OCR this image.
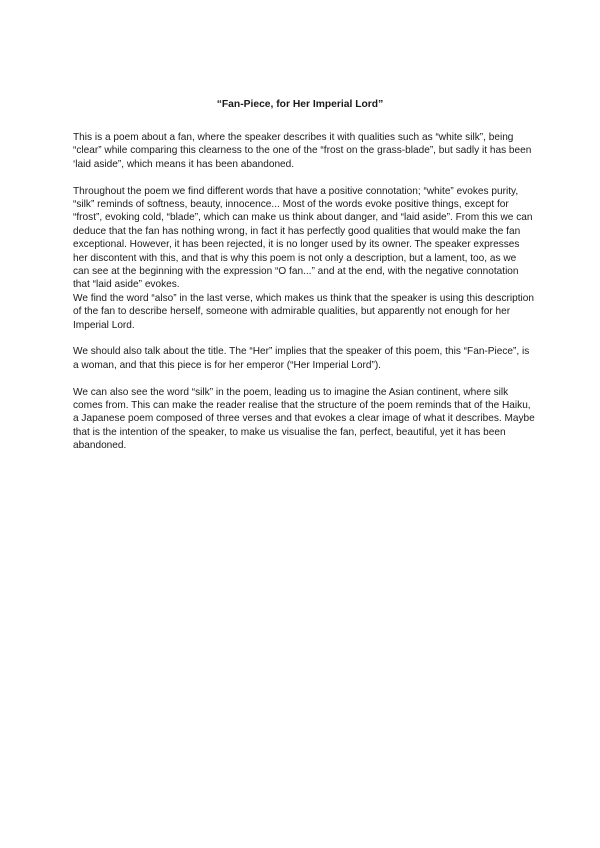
“Fan-Piece, for Her Imperial Lord”

This is a poem about a fan, where the speaker describes it with qualities such as “white silk”, being “clear” while comparing this clearness to the one of the “frost on the grass-blade”, but sadly it has been ‘laid aside”, which means it has been abandoned.

Throughout the poem we find different words that have a positive connotation; “white” evokes purity, “silk” reminds of softness, beauty, innocence... Most of the words evoke positive things, except for “frost”, evoking cold, “blade”, which can make us think about danger, and “laid aside”. From this we can deduce that the fan has nothing wrong, in fact it has perfectly good qualities that would make the fan exceptional. However, it has been rejected, it is no longer used by its owner. The speaker expresses her discontent with this, and that is why this poem is not only a description, but a lament, too, as we can see at the beginning with the expression “O fan...” and at the end, with the negative connotation that “laid aside” evokes.

We find the word “also” in the last verse, which makes us think that the speaker is using this description of the fan to describe herself, someone with admirable qualities, but apparently not enough for her Imperial Lord.

We should also talk about the title. The “Her” implies that the speaker of this poem, this “Fan-Piece”, is a woman, and that this piece is for her emperor (“Her Imperial Lord”).

We can also see the word “silk” in the poem, leading us to imagine the Asian continent, where silk comes from. This can make the reader realise that the structure of the poem reminds that of the Haiku, a Japanese poem composed of three verses and that evokes a clear image of what it describes. Maybe that is the intention of the speaker, to make us visualise the fan, perfect, beautiful, yet it has been abandoned.
